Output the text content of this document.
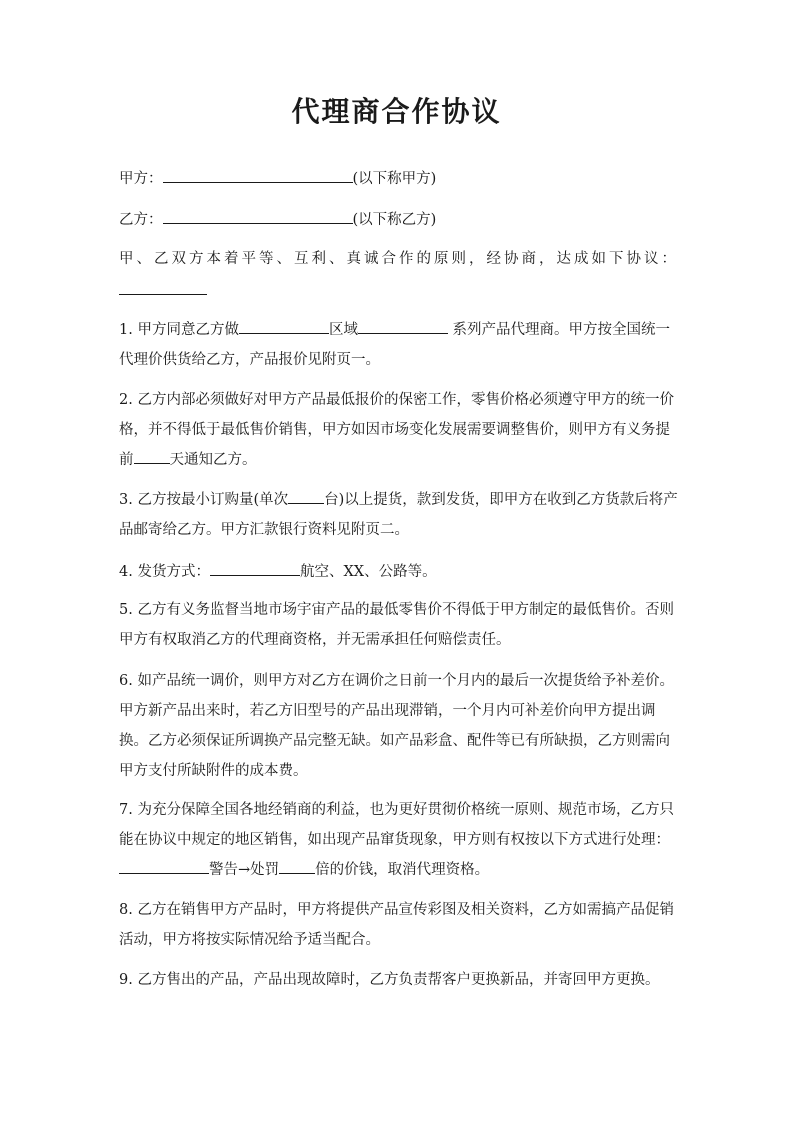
代理商合作协议
甲方：	(以下称甲方)
乙方：	(以下称乙方)
甲、乙双方本着平等、互利、真诚合作的原则，经协商，达成如下协议：
1. 甲方同意乙方做	区域	系列产品代理商。甲方按全国统一代理价供货给乙方，产品报价见附页一。
2. 乙方内部必须做好对甲方产品最低报价的保密工作，零售价格必须遵守甲方的统一价格，并不得低于最低售价销售，甲方如因市场变化发展需要调整售价，则甲方有义务提前 天通知乙方。
3. 乙方按最小订购量(单次 台)以上提货，款到发货，即甲方在收到乙方货款后将产品邮寄给乙方。甲方汇款银行资料见附页二。
4. 发货方式：	航空、XX、公路等。
5. 乙方有义务监督当地市场宇宙产品的最低零售价不得低于甲方制定的最低售价。否则甲方有权取消乙方的代理商资格，并无需承担任何赔偿责任。
6. 如产品统一调价，则甲方对乙方在调价之日前一个月内的最后一次提货给予补差价。甲方新产品出来时，若乙方旧型号的产品出现滞销，一个月内可补差价向甲方提出调换。乙方必须保证所调换产品完整无缺。如产品彩盒、配件等已有所缺损，乙方则需向甲方支付所缺附件的成本费。
7. 为充分保障全国各地经销商的利益，也为更好贯彻价格统一原则、规范市场，乙方只能在协议中规定的地区销售，如出现产品窜货现象，甲方则有权按以下方式进行处理：警告→处罚 倍的价钱，取消代理资格。
8. 乙方在销售甲方产品时，甲方将提供产品宣传彩图及相关资料，乙方如需搞产品促销活动，甲方将按实际情况给予适当配合。
9. 乙方售出的产品，产品出现故障时，乙方负责帮客户更换新品，并寄回甲方更换。
